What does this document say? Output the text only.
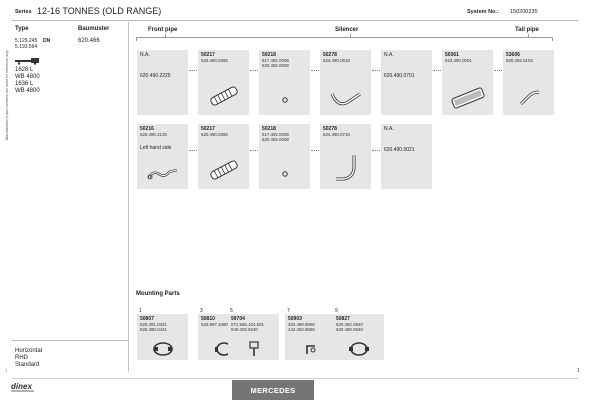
Series 12-16 TONNES (OLD RANGE)	System No.: 150200235
Manufacturer's part numbers are used for reference only
Type	Baumuster
5.129.245 DN
5.193.594
620.466
1628 L
WB 4800
1636 L
WB 4800
Front pipe	Silencer	Tail pipe
N.A.
620.490.2225
50217
620.490.0365
50218
617.492.0008
620.492.0008
50278
624.490.0619
N.A.
620.490.0701
50361
623.490.0001
53606
620.492.5104
50216
620.490.2125
Left hand side
50217
620.490.0365
50218
617.492.0008
620.492.0008
50278
624.490.0719
N.A.
620.490.0021
Mounting Parts
1
50807
620.491.0321
620.490.0441
3
50810
620.997.3490
5
99704
071.555.104.501
940.402.8240
7
50903
302.490.8060
442.492.8060
9
50827
620.492.0840
620.490.0840
Horizontal
RHD
Standard
1	1
dinex	MERCEDES
